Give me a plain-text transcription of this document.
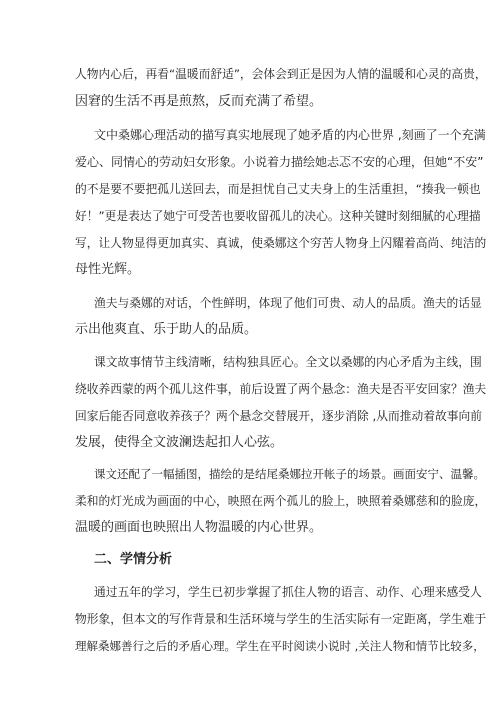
人物内心后，再看“温暖而舒适”，会体会到正是因为人情的温暖和心灵的高贵，
因窘的生活不再是煎熬，反而充满了希望。
文中桑娜心理活动的描写真实地展现了她矛盾的内心世界 ,刻画了一个充满
爱心、同情心的劳动妇女形象。小说着力描绘她忐忑不安的心理，但她“不安”
的不是要不要把孤儿送回去，而是担忧自己丈夫身上的生活重担，“揍我一顿也
好！”更是表达了她宁可受苦也要收留孤儿的决心。这种关键时刻细腻的心理描
写，让人物显得更加真实、真诚，使桑娜这个穷苦人物身上闪耀着高尚、纯洁的
母性光辉。
渔夫与桑娜的对话，个性鲜明，体现了他们可贵、动人的品质。渔夫的话显
示出他爽直、乐于助人的品质。
课文故事情节主线清晰，结构独具匠心。全文以桑娜的内心矛盾为主线，围
绕收养西蒙的两个孤儿这件事，前后设置了两个悬念：渔夫是否平安回家？渔夫
回家后能否同意收养孩子？两个悬念交替展开，逐步消除 ,从而推动着故事向前
发展，使得全文波澜迭起扣人心弦。
课文还配了一幅插图，描绘的是结尾桑娜拉开帐子的场景。画面安宁、温馨。
柔和的灯光成为画面的中心，映照在两个孤儿的脸上，映照着桑娜慈和的脸庞，
温暖的画面也映照出人物温暖的内心世界。
二、学情分析
通过五年的学习，学生已初步掌握了抓住人物的语言、动作、心理来感受人
物形象，但本文的写作背景和生活环境与学生的生活实际有一定距离，学生难于
理解桑娜善行之后的矛盾心理。学生在平时阅读小说时 ,关注人物和情节比较多，
